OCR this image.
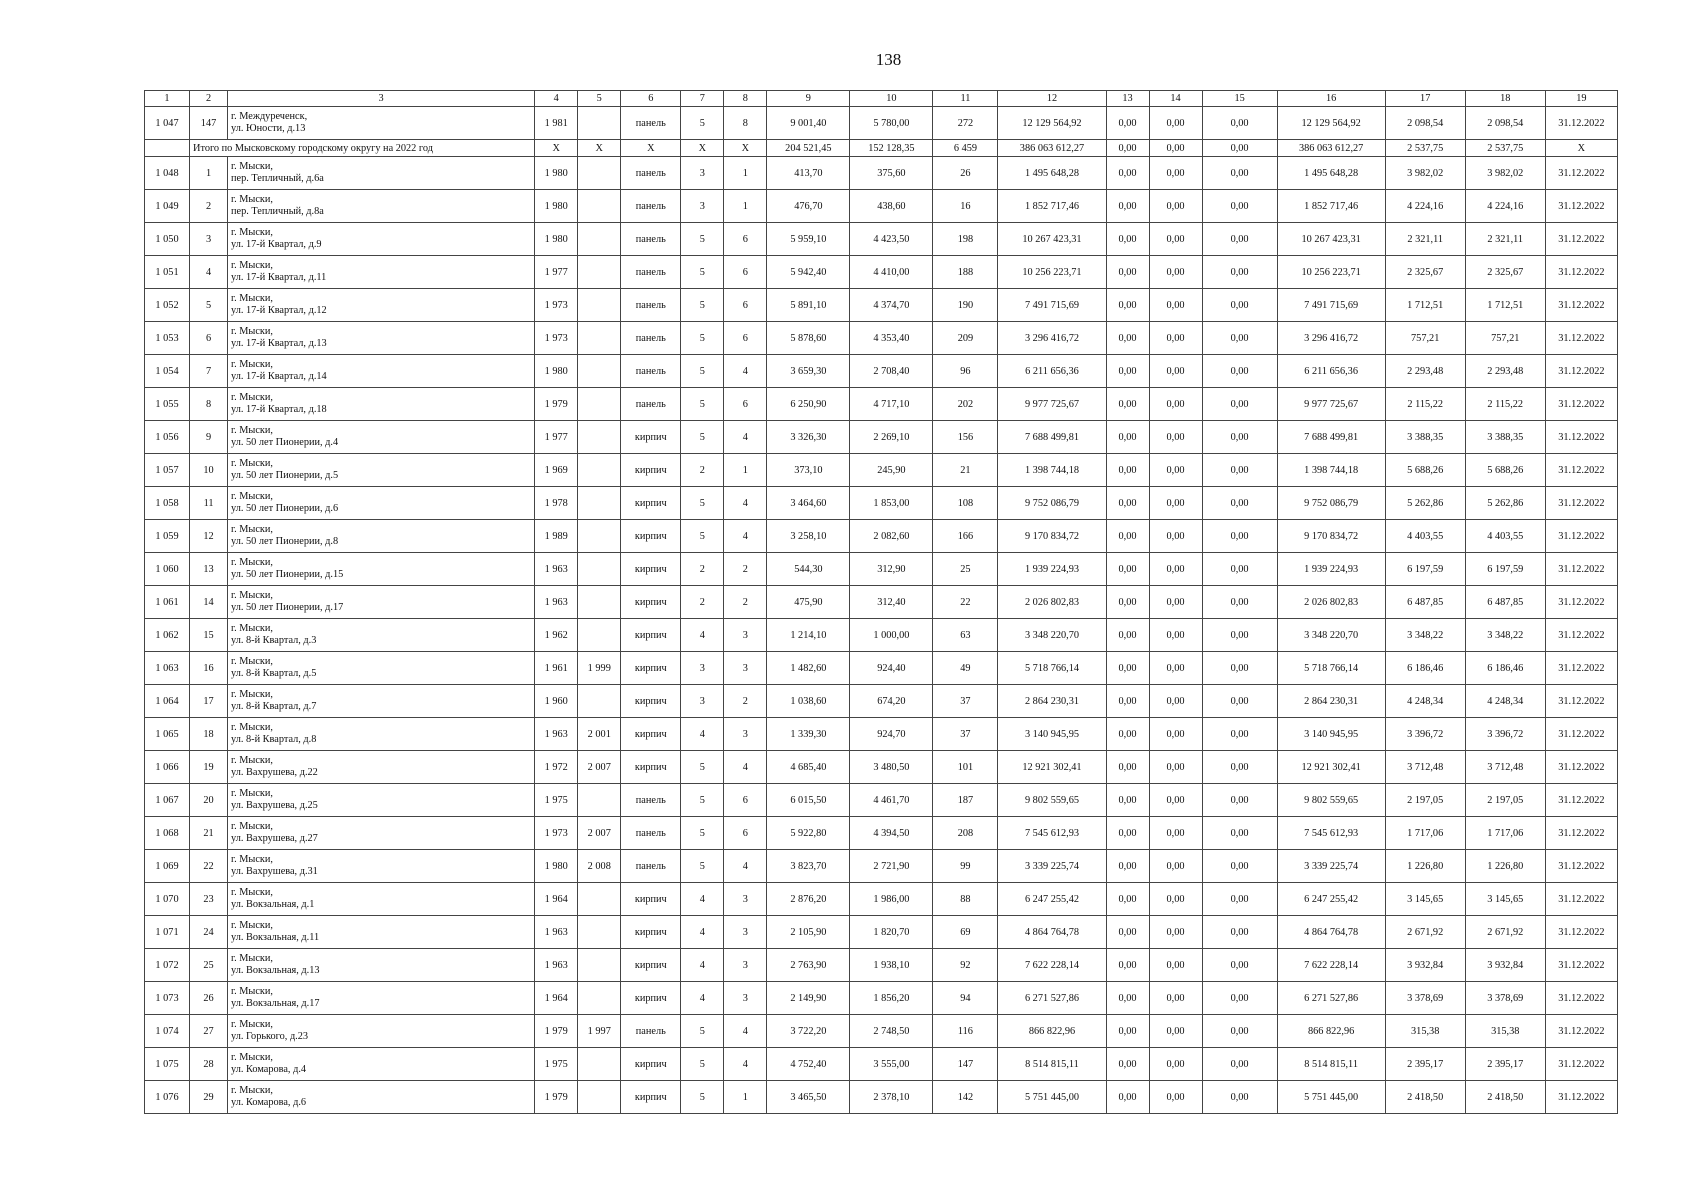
138
1	2	3	4	5	6	7	8	9	10	11	12	13	14	15	16	17	18	19
1 047	147	г. Междуреченск,
ул. Юности, д.13	1 981		панель	5	8	9 001,40	5 780,00	272	12 129 564,92	0,00	0,00	0,00	12 129 564,92	2 098,54	2 098,54	31.12.2022
	Итого по Мысковскому городскому округу на 2022 год		X	X	X	X	X	204 521,45	152 128,35	6 459	386 063 612,27	0,00	0,00	0,00	386 063 612,27	2 537,75	2 537,75	X
1 048	1	г. Мыски,
пер. Тепличный, д.6а	1 980		панель	3	1	413,70	375,60	26	1 495 648,28	0,00	0,00	0,00	1 495 648,28	3 982,02	3 982,02	31.12.2022
1 049	2	г. Мыски,
пер. Тепличный, д.8а	1 980		панель	3	1	476,70	438,60	16	1 852 717,46	0,00	0,00	0,00	1 852 717,46	4 224,16	4 224,16	31.12.2022
1 050	3	г. Мыски,
ул. 17-й Квартал, д.9	1 980		панель	5	6	5 959,10	4 423,50	198	10 267 423,31	0,00	0,00	0,00	10 267 423,31	2 321,11	2 321,11	31.12.2022
1 051	4	г. Мыски,
ул. 17-й Квартал, д.11	1 977		панель	5	6	5 942,40	4 410,00	188	10 256 223,71	0,00	0,00	0,00	10 256 223,71	2 325,67	2 325,67	31.12.2022
1 052	5	г. Мыски,
ул. 17-й Квартал, д.12	1 973		панель	5	6	5 891,10	4 374,70	190	7 491 715,69	0,00	0,00	0,00	7 491 715,69	1 712,51	1 712,51	31.12.2022
1 053	6	г. Мыски,
ул. 17-й Квартал, д.13	1 973		панель	5	6	5 878,60	4 353,40	209	3 296 416,72	0,00	0,00	0,00	3 296 416,72	757,21	757,21	31.12.2022
1 054	7	г. Мыски,
ул. 17-й Квартал, д.14	1 980		панель	5	4	3 659,30	2 708,40	96	6 211 656,36	0,00	0,00	0,00	6 211 656,36	2 293,48	2 293,48	31.12.2022
1 055	8	г. Мыски,
ул. 17-й Квартал, д.18	1 979		панель	5	6	6 250,90	4 717,10	202	9 977 725,67	0,00	0,00	0,00	9 977 725,67	2 115,22	2 115,22	31.12.2022
1 056	9	г. Мыски,
ул. 50 лет Пионерии, д.4	1 977		кирпич	5	4	3 326,30	2 269,10	156	7 688 499,81	0,00	0,00	0,00	7 688 499,81	3 388,35	3 388,35	31.12.2022
1 057	10	г. Мыски,
ул. 50 лет Пионерии, д.5	1 969		кирпич	2	1	373,10	245,90	21	1 398 744,18	0,00	0,00	0,00	1 398 744,18	5 688,26	5 688,26	31.12.2022
1 058	11	г. Мыски,
ул. 50 лет Пионерии, д.6	1 978		кирпич	5	4	3 464,60	1 853,00	108	9 752 086,79	0,00	0,00	0,00	9 752 086,79	5 262,86	5 262,86	31.12.2022
1 059	12	г. Мыски,
ул. 50 лет Пионерии, д.8	1 989		кирпич	5	4	3 258,10	2 082,60	166	9 170 834,72	0,00	0,00	0,00	9 170 834,72	4 403,55	4 403,55	31.12.2022
1 060	13	г. Мыски,
ул. 50 лет Пионерии, д.15	1 963		кирпич	2	2	544,30	312,90	25	1 939 224,93	0,00	0,00	0,00	1 939 224,93	6 197,59	6 197,59	31.12.2022
1 061	14	г. Мыски,
ул. 50 лет Пионерии, д.17	1 963		кирпич	2	2	475,90	312,40	22	2 026 802,83	0,00	0,00	0,00	2 026 802,83	6 487,85	6 487,85	31.12.2022
1 062	15	г. Мыски,
ул. 8-й Квартал, д.3	1 962		кирпич	4	3	1 214,10	1 000,00	63	3 348 220,70	0,00	0,00	0,00	3 348 220,70	3 348,22	3 348,22	31.12.2022
1 063	16	г. Мыски,
ул. 8-й Квартал, д.5	1 961	1 999	кирпич	3	3	1 482,60	924,40	49	5 718 766,14	0,00	0,00	0,00	5 718 766,14	6 186,46	6 186,46	31.12.2022
1 064	17	г. Мыски,
ул. 8-й Квартал, д.7	1 960		кирпич	3	2	1 038,60	674,20	37	2 864 230,31	0,00	0,00	0,00	2 864 230,31	4 248,34	4 248,34	31.12.2022
1 065	18	г. Мыски,
ул. 8-й Квартал, д.8	1 963	2 001	кирпич	4	3	1 339,30	924,70	37	3 140 945,95	0,00	0,00	0,00	3 140 945,95	3 396,72	3 396,72	31.12.2022
1 066	19	г. Мыски,
ул. Вахрушева, д.22	1 972	2 007	кирпич	5	4	4 685,40	3 480,50	101	12 921 302,41	0,00	0,00	0,00	12 921 302,41	3 712,48	3 712,48	31.12.2022
1 067	20	г. Мыски,
ул. Вахрушева, д.25	1 975		панель	5	6	6 015,50	4 461,70	187	9 802 559,65	0,00	0,00	0,00	9 802 559,65	2 197,05	2 197,05	31.12.2022
1 068	21	г. Мыски,
ул. Вахрушева, д.27	1 973	2 007	панель	5	6	5 922,80	4 394,50	208	7 545 612,93	0,00	0,00	0,00	7 545 612,93	1 717,06	1 717,06	31.12.2022
1 069	22	г. Мыски,
ул. Вахрушева, д.31	1 980	2 008	панель	5	4	3 823,70	2 721,90	99	3 339 225,74	0,00	0,00	0,00	3 339 225,74	1 226,80	1 226,80	31.12.2022
1 070	23	г. Мыски,
ул. Вокзальная, д.1	1 964		кирпич	4	3	2 876,20	1 986,00	88	6 247 255,42	0,00	0,00	0,00	6 247 255,42	3 145,65	3 145,65	31.12.2022
1 071	24	г. Мыски,
ул. Вокзальная, д.11	1 963		кирпич	4	3	2 105,90	1 820,70	69	4 864 764,78	0,00	0,00	0,00	4 864 764,78	2 671,92	2 671,92	31.12.2022
1 072	25	г. Мыски,
ул. Вокзальная, д.13	1 963		кирпич	4	3	2 763,90	1 938,10	92	7 622 228,14	0,00	0,00	0,00	7 622 228,14	3 932,84	3 932,84	31.12.2022
1 073	26	г. Мыски,
ул. Вокзальная, д.17	1 964		кирпич	4	3	2 149,90	1 856,20	94	6 271 527,86	0,00	0,00	0,00	6 271 527,86	3 378,69	3 378,69	31.12.2022
1 074	27	г. Мыски,
ул. Горького, д.23	1 979	1 997	панель	5	4	3 722,20	2 748,50	116	866 822,96	0,00	0,00	0,00	866 822,96	315,38	315,38	31.12.2022
1 075	28	г. Мыски,
ул. Комарова, д.4	1 975		кирпич	5	4	4 752,40	3 555,00	147	8 514 815,11	0,00	0,00	0,00	8 514 815,11	2 395,17	2 395,17	31.12.2022
1 076	29	г. Мыски,
ул. Комарова, д.6	1 979		кирпич	5	1	3 465,50	2 378,10	142	5 751 445,00	0,00	0,00	0,00	5 751 445,00	2 418,50	2 418,50	31.12.2022
